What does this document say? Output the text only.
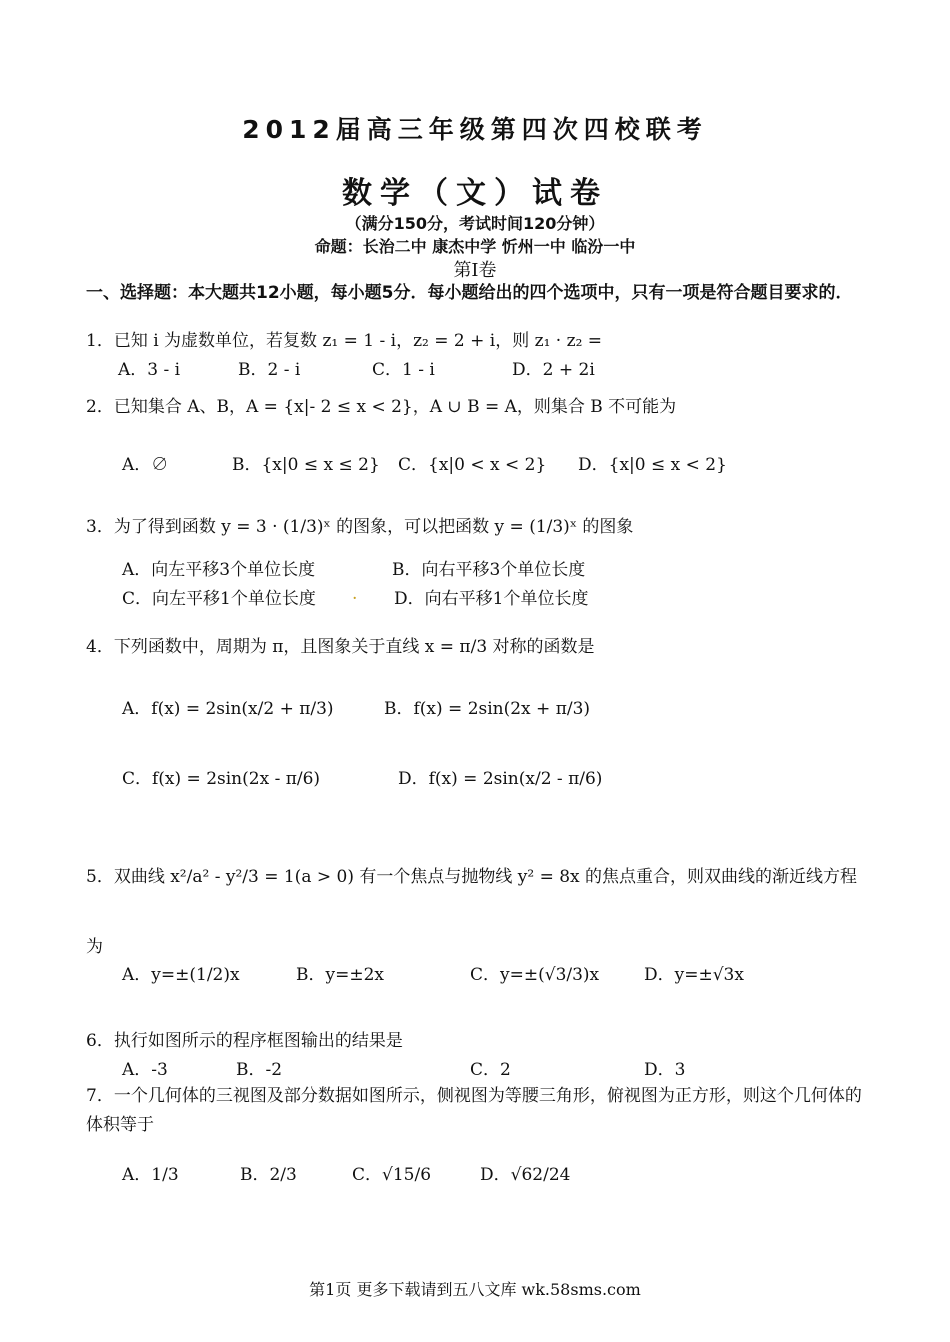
2012届高三年级第四次四校联考
数学（文）试卷
（满分150分，考试时间120分钟）
命题：长治二中 康杰中学 忻州一中 临汾一中
第Ⅰ卷
一、选择题：本大题共12小题，每小题5分．每小题给出的四个选项中，只有一项是符合题目要求的．
1．已知 i 为虚数单位，若复数 z₁ = 1 - i，z₂ = 2 + i，则 z₁ · z₂ =
A．3 - i	B．2 - i	C．1 - i	D．2 + 2i
2．已知集合 A、B，A = {x|- 2 ≤ x < 2}，A ∪ B = A，则集合 B 不可能为
A．∅	B．{x|0 ≤ x ≤ 2} C．{x|0 < x < 2} D．{x|0 ≤ x < 2}
3．为了得到函数 y = 3 · (1/3)ˣ 的图象，可以把函数 y = (1/3)ˣ 的图象
A．向左平移3个单位长度	B．向右平移3个单位长度
C．向左平移1个单位长度 . D．向右平移1个单位长度
4．下列函数中，周期为 π，且图象关于直线 x = π/3 对称的函数是
A．f(x) = 2sin(x/2 + π/3)	B．f(x) = 2sin(2x + π/3)
C．f(x) = 2sin(2x - π/6)	D．f(x) = 2sin(x/2 - π/6)
5．双曲线 x²/a² - y²/3 = 1(a > 0) 有一个焦点与抛物线 y² = 8x 的焦点重合，则双曲线的渐近线方程为
A．y=±(1/2)x	B．y=±2x	C．y=±(√3/3)x	D．y=±√3x
6．执行如图所示的程序框图输出的结果是
A．-3	B．-2	C．2	D．3
7．一个几何体的三视图及部分数据如图所示，侧视图为等腰三角形，俯视图为正方形，则这个几何体的体积等于
A．1/3	B．2/3	C．√15/6	D．√62/24
第1页 更多下载请到五八文库 wk.58sms.com
